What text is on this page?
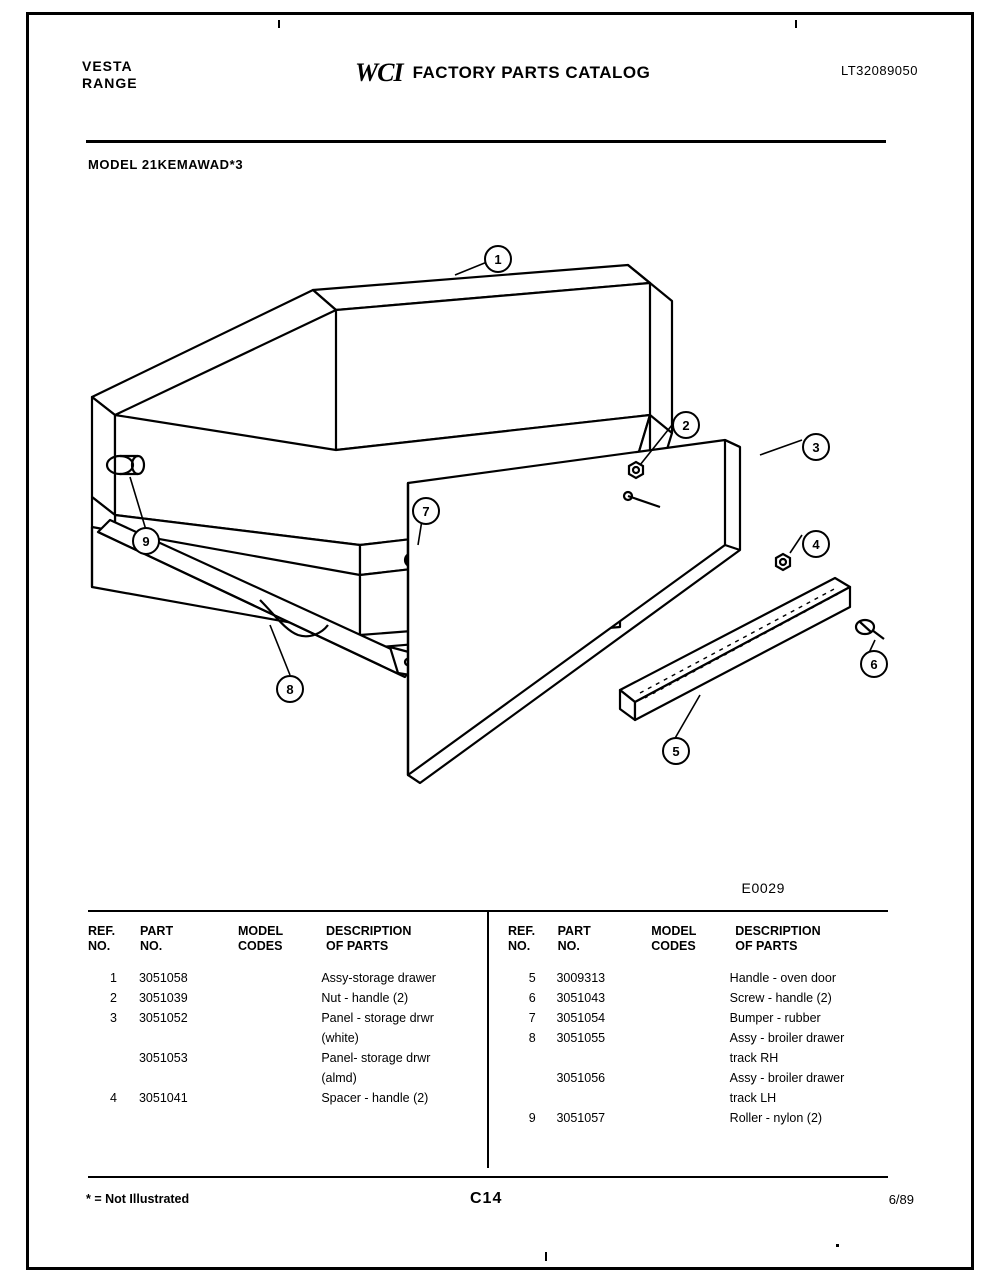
VESTA
RANGE	WCI FACTORY PARTS CATALOG	LT32089050
MODEL 21KEMAWAD*3
1
2
3
4
5
6
7
8
9
E0029
REF.
NO.
PART
NO.
MODEL
CODES
DESCRIPTION
OF PARTS
1	3051058	Assy-storage drawer
2	3051039	Nut - handle (2)
3	3051052	Panel - storage drwr
(white)
3051053	Panel- storage drwr
(almd)
4	3051041	Spacer - handle (2)
REF.
NO.
PART
NO.
MODEL
CODES
DESCRIPTION
OF PARTS
5	3009313	Handle - oven door
6	3051043	Screw - handle (2)
7	3051054	Bumper - rubber
8	3051055	Assy - broiler drawer
track RH
3051056	Assy - broiler drawer
track LH
9	3051057	Roller - nylon (2)
* = Not Illustrated	C14	6/89
